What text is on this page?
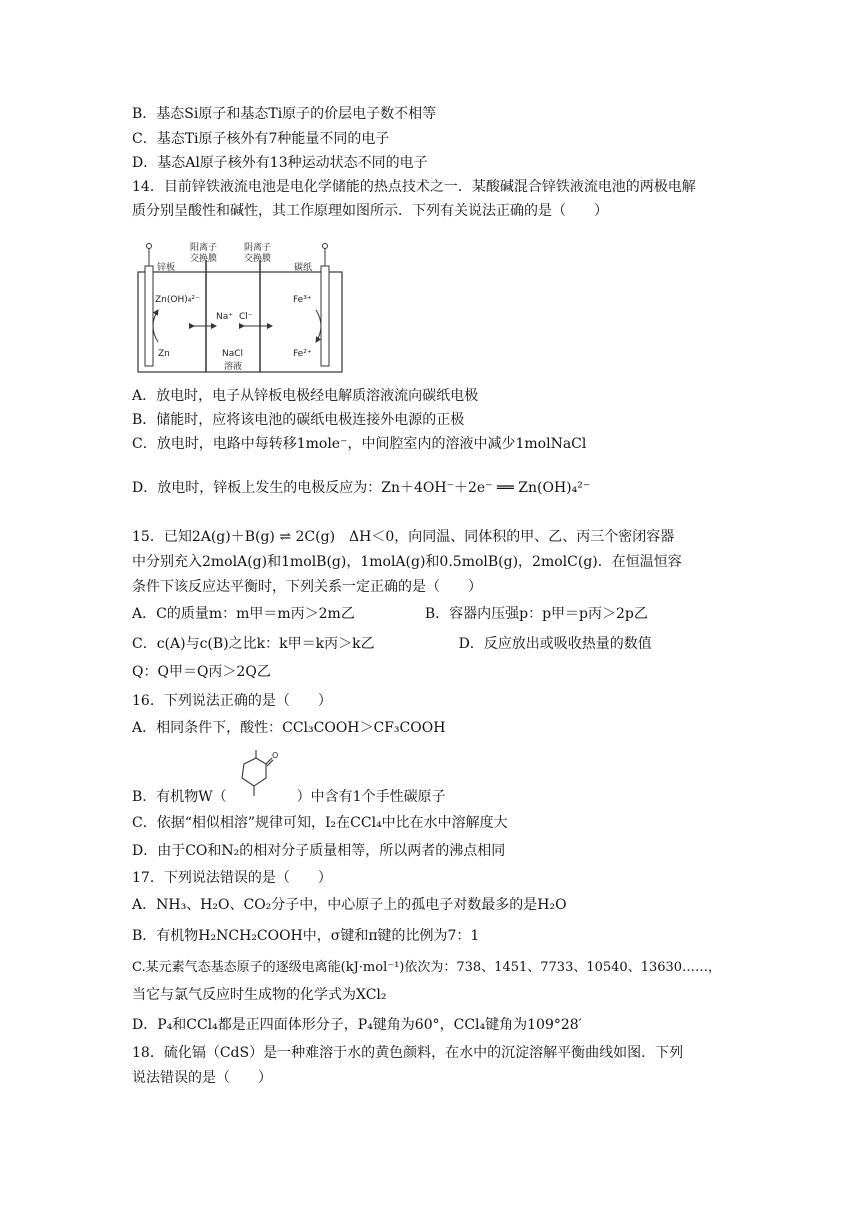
B．基态Si原子和基态Ti原子的价层电子数不相等
C．基态Ti原子核外有7种能量不同的电子
D．基态Al原子核外有13种运动状态不同的电子
14．目前锌铁液流电池是电化学储能的热点技术之一．某酸碱混合锌铁液流电池的两极电解
质分别呈酸性和碱性，其工作原理如图所示．下列有关说法正确的是（　　）
阳离子
交换膜
阴离子
交换膜
锌板	碳纸
Zn(OH)₄²⁻
Zn
Na⁺ Cl⁻
NaCl
溶液
Fe³⁺
Fe²⁺
A．放电时，电子从锌板电极经电解质溶液流向碳纸电极
B．储能时，应将该电池的碳纸电极连接外电源的正极
C．放电时，电路中每转移1mole⁻，中间腔室内的溶液中减少1molNaCl
D．放电时，锌板上发生的电极反应为：Zn＋4OH⁻＋2e⁻ ══ Zn(OH)₄²⁻
15．已知2A(g)＋B(g) ⇌ 2C(g)　ΔH＜0，向同温、同体积的甲、乙、丙三个密闭容器
中分别充入2molA(g)和1molB(g)，1molA(g)和0.5molB(g)，2molC(g)．在恒温恒容
条件下该反应达平衡时，下列关系一定正确的是（　　）
A．C的质量m：m甲＝m丙＞2m乙　　　　　B．容器内压强p：p甲＝p丙＞2p乙
C．c(A)与c(B)之比k：k甲＝k丙＞k乙　　　　　　D．反应放出或吸收热量的数值
Q：Q甲＝Q丙＞2Q乙
16．下列说法正确的是（　　）
A．相同条件下，酸性：CCl₃COOH＞CF₃COOH
O
B．有机物W（　　　　　）中含有1个手性碳原子
C．依据“相似相溶”规律可知，I₂在CCl₄中比在水中溶解度大
D．由于CO和N₂的相对分子质量相等，所以两者的沸点相同
17．下列说法错误的是（　　）
A．NH₃、H₂O、CO₂分子中，中心原子上的孤电子对数最多的是H₂O
B．有机物H₂NCH₂COOH中，σ键和π键的比例为7：1
C.某元素气态基态原子的逐级电离能(kJ·mol⁻¹)依次为：738、1451、7733、10540、13630……，
当它与氯气反应时生成物的化学式为XCl₂
D．P₄和CCl₄都是正四面体形分子，P₄键角为60°，CCl₄键角为109°28′
18．硫化镉（CdS）是一种难溶于水的黄色颜料，在水中的沉淀溶解平衡曲线如图．下列
说法错误的是（　　）
